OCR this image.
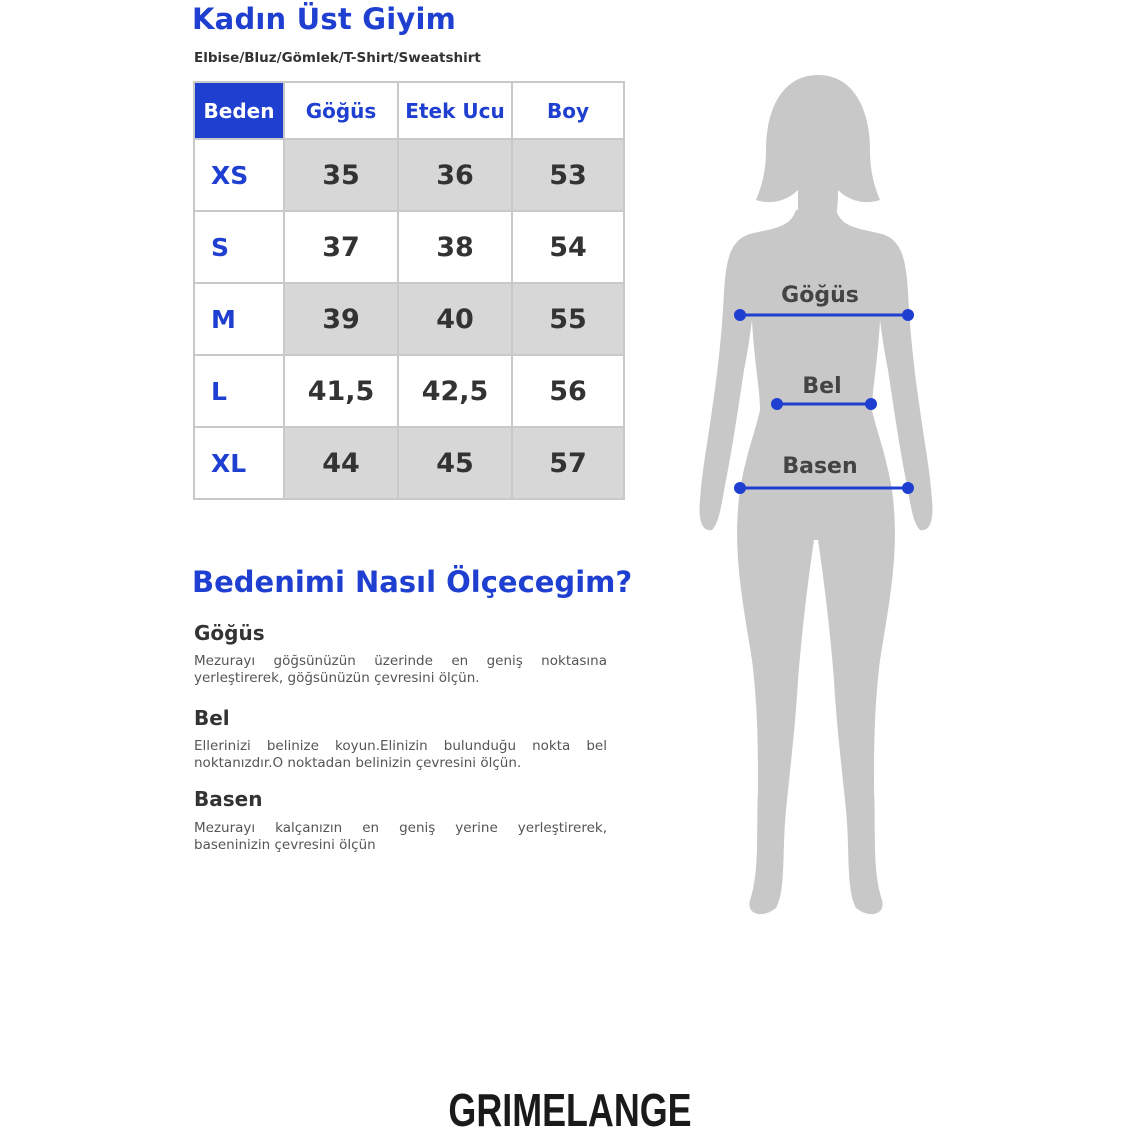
Kadın Üst Giyim

Elbise/Bluz/Gömlek/T-Shirt/Sweatshirt

Beden	Göğüs	Etek Ucu	Boy
XS	35	36	53
S	37	38	54
M	39	40	55
L	41,5	42,5	56
XL	44	45	57
Bedenimi Nasıl Ölçecegim?
Göğüs

Mezurayı göğsünüzün üzerinde en geniş noktasına yerleştirerek, göğsünüzün çevresini ölçün.

Bel

Ellerinizi belinize koyun.Elinizin bulunduğu nokta bel noktanızdır.O noktadan belinizin çevresini ölçün.

Basen

Mezurayı kalçanızın en geniş yerine yerleştirerek, baseninizin çevresini ölçün

Göğüs
Bel
Basen
GRIMELANGE
